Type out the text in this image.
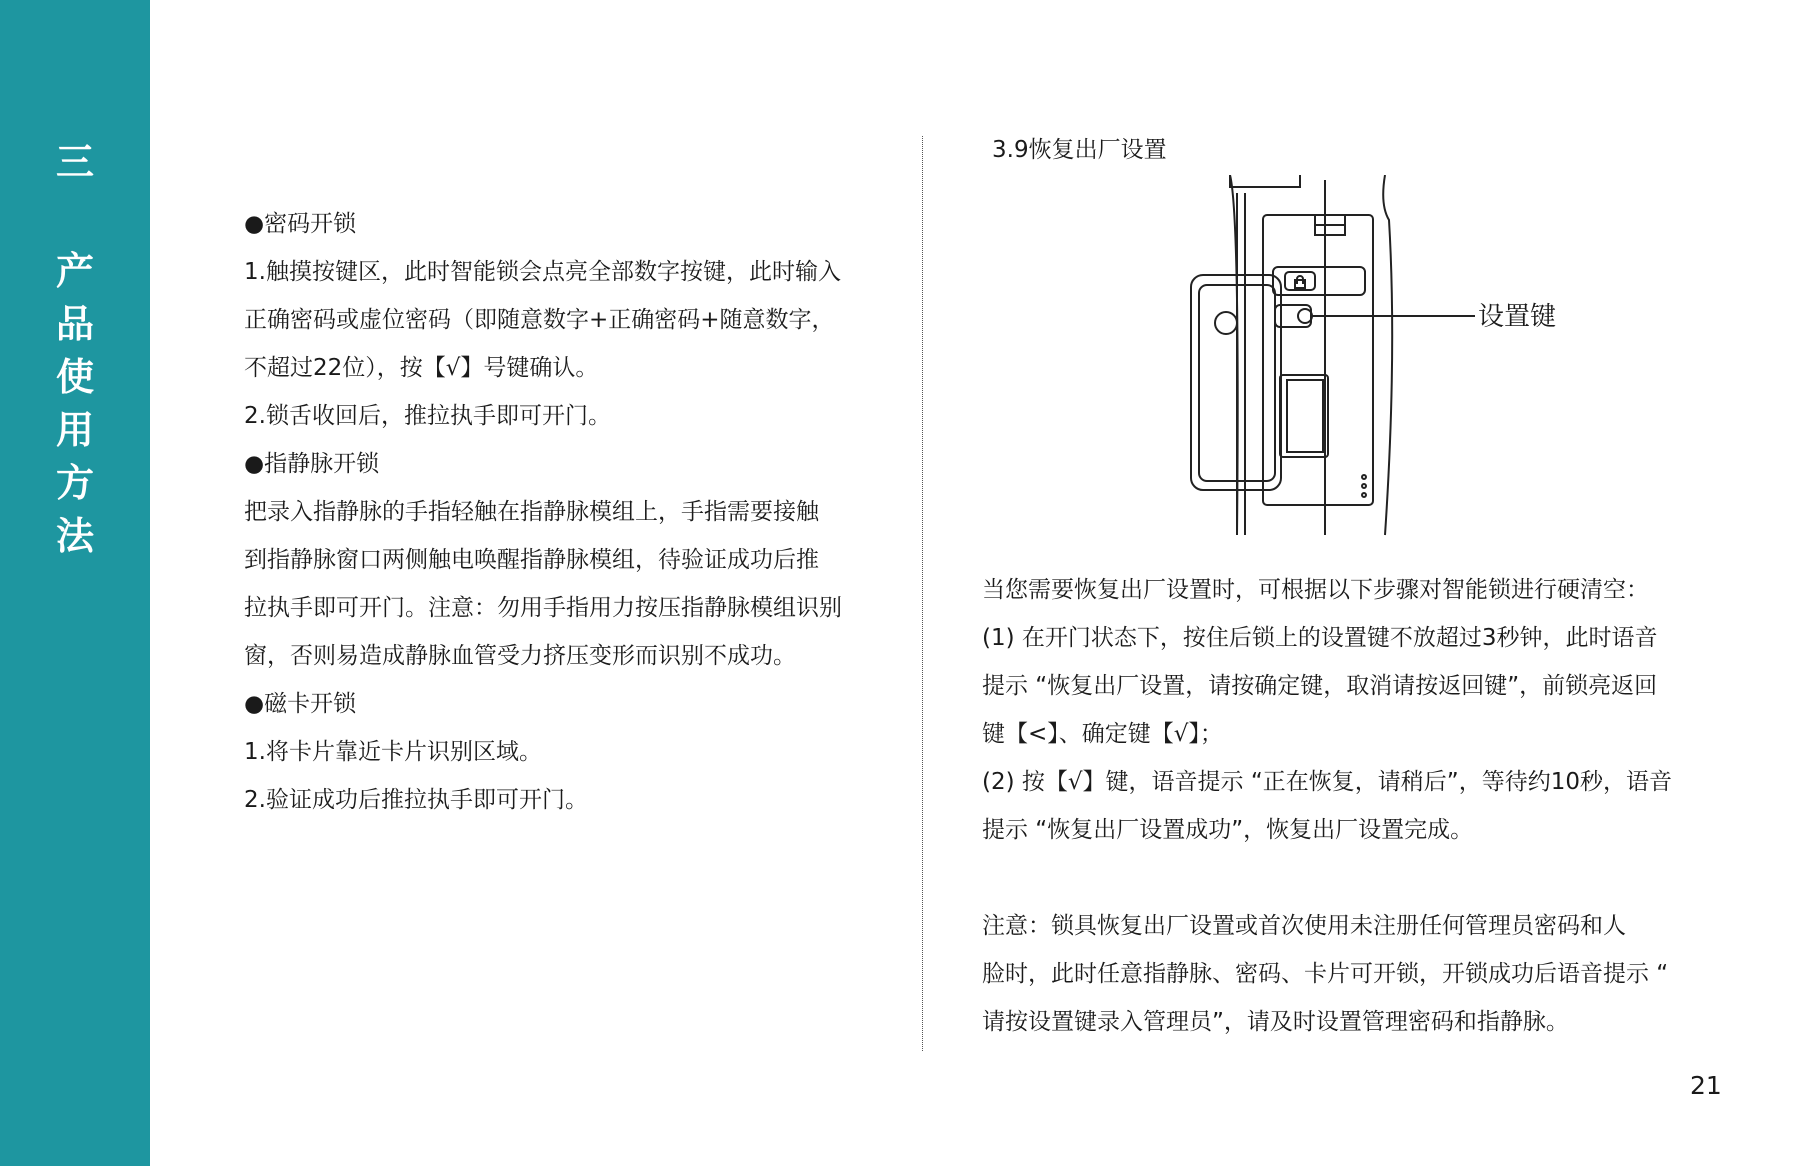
三
产
品
使
用
方
法

●密码开锁

1.触摸按键区，此时智能锁会点亮全部数字按键，此时输入

正确密码或虚位密码（即随意数字+正确密码+随意数字，

不超过22位），按【√】号键确认。

2.锁舌收回后，推拉执手即可开门。

●指静脉开锁

把录入指静脉的手指轻触在指静脉模组上，手指需要接触

到指静脉窗口两侧触电唤醒指静脉模组，待验证成功后推

拉执手即可开门。注意：勿用手指用力按压指静脉模组识别

窗，否则易造成静脉血管受力挤压变形而识别不成功。

●磁卡开锁

1.将卡片靠近卡片识别区域。

2.验证成功后推拉执手即可开门。

3.9恢复出厂设置
设置键

当您需要恢复出厂设置时，可根据以下步骤对智能锁进行硬清空：

(1) 在开门状态下，按住后锁上的设置键不放超过3秒钟，此时语音

提示 “恢复出厂设置，请按确定键，取消请按返回键”，前锁亮返回

键【<】、确定键【√】；

(2) 按【√】键，语音提示 “正在恢复，请稍后”，等待约10秒，语音

提示 “恢复出厂设置成功”，恢复出厂设置完成。

注意：锁具恢复出厂设置或首次使用未注册任何管理员密码和人

脸时，此时任意指静脉、密码、卡片可开锁，开锁成功后语音提示 “

请按设置键录入管理员”，请及时设置管理密码和指静脉。

21
